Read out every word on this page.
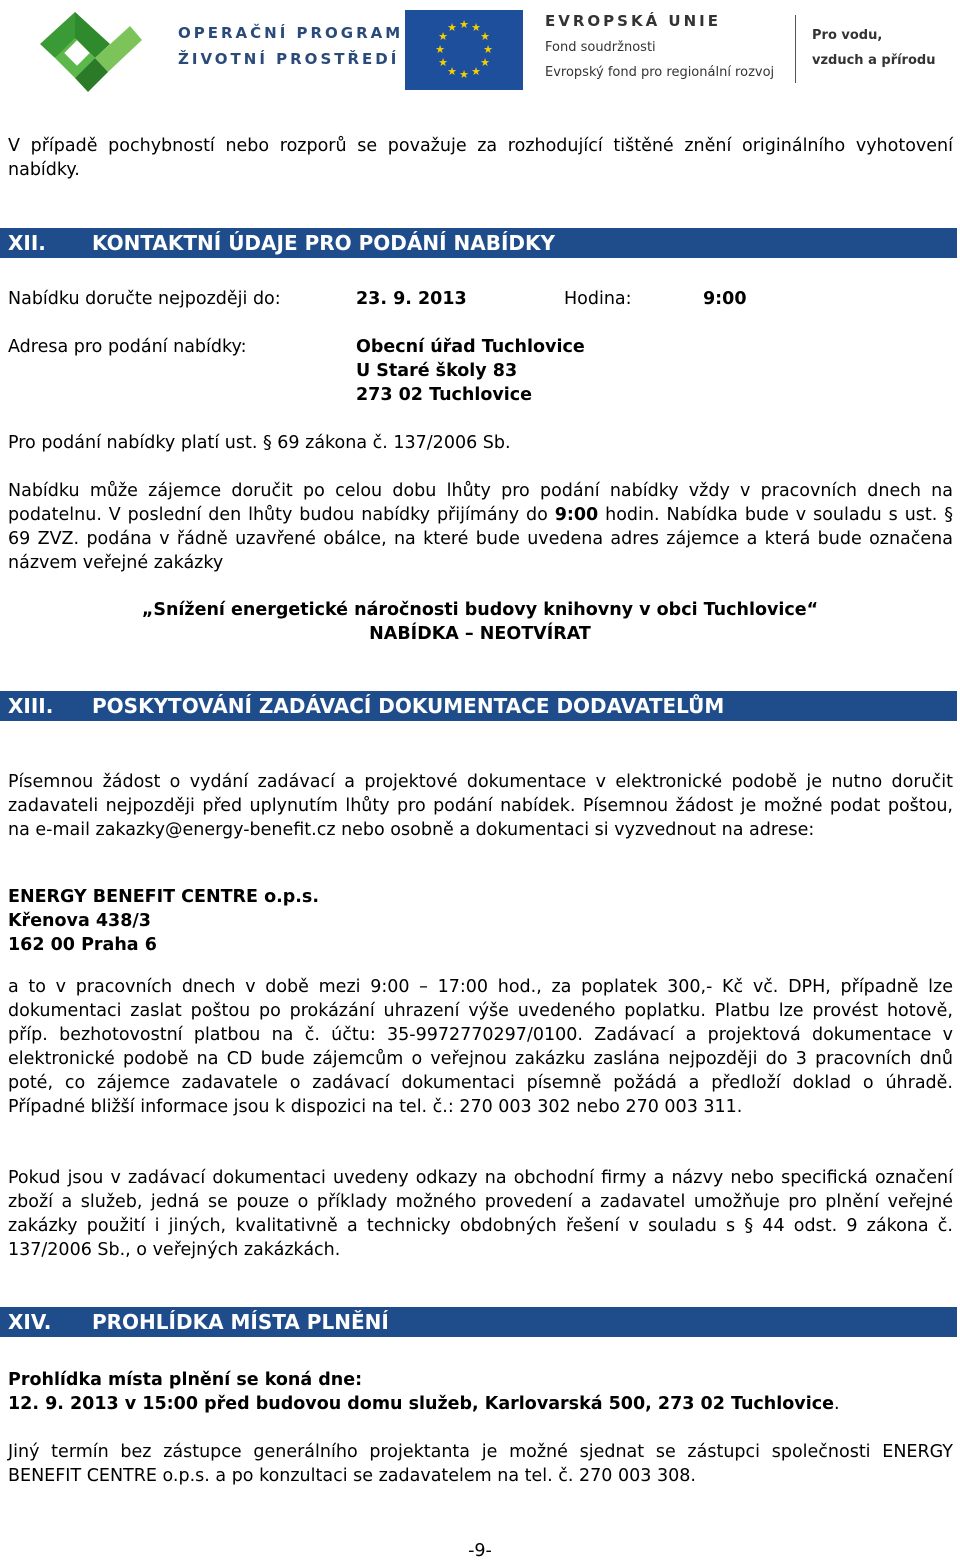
OPERAČNÍ PROGRAM
ŽIVOTNÍ PROSTŘEDÍ
★ ★
★
★
★
★
★
★
★
★
★
★	EVROPSKÁ UNIE
Fond soudržnosti
Evropský fond pro regionální rozvoj
Pro vodu,
vzduch a přírodu
V případě pochybností nebo rozporů se považuje za rozhodující tištěné znění originálního vyhotovení nabídky.
XII. KONTAKTNÍ ÚDAJE PRO PODÁNÍ NABÍDKY
Nabídku doručte nejpozději do:	23. 9. 2013	Hodina:	9:00
Adresa pro podání nabídky:	Obecní úřad Tuchlovice
U Staré školy 83
273 02 Tuchlovice
Pro podání nabídky platí ust. § 69 zákona č. 137/2006 Sb.
Nabídku může zájemce doručit po celou dobu lhůty pro podání nabídky vždy v pracovních dnech na podatelnu. V poslední den lhůty budou nabídky přijímány do 9:00 hodin. Nabídka bude v souladu s ust. § 69 ZVZ. podána v řádně uzavřené obálce, na které bude uvedena adres zájemce a která bude označena názvem veřejné zakázky
„Snížení energetické náročnosti budovy knihovny v obci Tuchlovice“
NABÍDKA – NEOTVÍRAT
XIII. POSKYTOVÁNÍ ZADÁVACÍ DOKUMENTACE DODAVATELŮM
Písemnou žádost o vydání zadávací a projektové dokumentace v elektronické podobě je nutno doručit zadavateli nejpozději před uplynutím lhůty pro podání nabídek. Písemnou žádost je možné podat poštou, na e-mail zakazky@energy-benefit.cz nebo osobně a dokumentaci si vyzvednout na adrese:
ENERGY BENEFIT CENTRE o.p.s.
Křenova 438/3
162 00 Praha 6
a to v pracovních dnech v době mezi 9:00 – 17:00 hod., za poplatek 300,- Kč vč. DPH, případně lze dokumentaci zaslat poštou po prokázání uhrazení výše uvedeného poplatku. Platbu lze provést hotově, příp. bezhotovostní platbou na č. účtu: 35-9972770297/0100. Zadávací a projektová dokumentace v elektronické podobě na CD bude zájemcům o veřejnou zakázku zaslána nejpozději do 3 pracovních dnů poté, co zájemce zadavatele o zadávací dokumentaci písemně požádá a předloží doklad o úhradě. Případné bližší informace jsou k dispozici na tel. č.: 270 003 302 nebo 270 003 311.
Pokud jsou v zadávací dokumentaci uvedeny odkazy na obchodní firmy a názvy nebo specifická označení zboží a služeb, jedná se pouze o příklady možného provedení a zadavatel umožňuje pro plnění veřejné zakázky použití i jiných, kvalitativně a technicky obdobných řešení v souladu s § 44 odst. 9 zákona č. 137/2006 Sb., o veřejných zakázkách.
XIV. PROHLÍDKA MÍSTA PLNĚNÍ
Prohlídka místa plnění se koná dne:
12. 9. 2013 v 15:00 před budovou domu služeb, Karlovarská 500, 273 02 Tuchlovice.
Jiný termín bez zástupce generálního projektanta je možné sjednat se zástupci společnosti ENERGY BENEFIT CENTRE o.p.s. a po konzultaci se zadavatelem na tel. č. 270 003 308.
-9-
